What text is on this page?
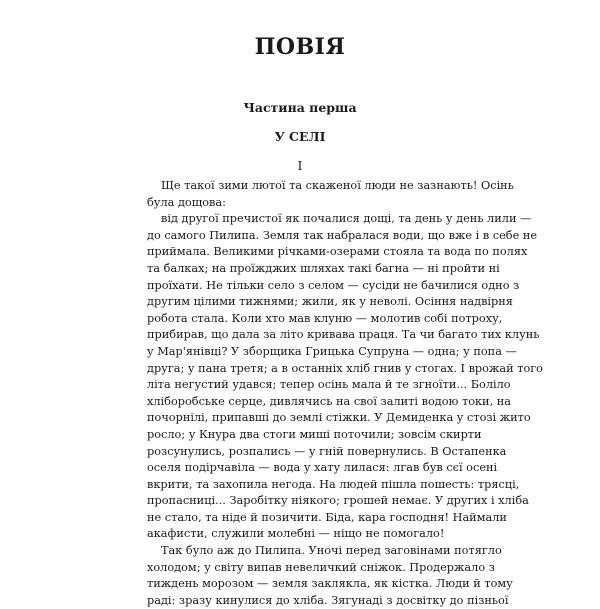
ПОВІЯ
Частина перша
У СЕЛІ
I
Ще такої зими лютої та скаженої люди не зазнають! Осінь
була дощова:
від другої пречистої як почалися дощі, та день у день лили —
до самого Пилипа. Земля так набралася води, що вже і в себе не
приймала. Великими річками-озерами стояла та вода по полях
та балках; на проїжджих шляхах такі багна — ні пройти ні
проїхати. Не тільки село з селом — сусіди не бачилися одно з
другим цілими тижнями; жили, як у неволі. Осіння надвірня
робота стала. Коли хто мав клуню — молотив собі потроху,
прибирав, що дала за літо кривава праця. Та чи багато тих клунь
у Мар'янівці? У зборщика Грицька Супруна — одна; у попа —
друга; у пана третя; а в останніх хліб гнив у стогах. І врожай того
літа негустий удався; тепер осінь мала й те згноїти... Боліло
хліборобське серце, дивлячись на свої залиті водою токи, на
почорнілі, припавші до землі стіжки. У Демиденка у стозі жито
росло; у Кнура два стоги миші поточили; зовсім скирти
розсунулись, розпались — у гній повернулись. В Остапенка
оселя подірчавіла — вода у хату лилася: лгав був сєї осені
вкрити, та захопила негода. На людей пішла пошесть: трясці,
пропасниці... Заробітку ніякого; грошей немає. У других і хліба
не стало, та ніде й позичити. Біда, кара господня! Наймали
акафисти, служили молебні — ніщо не помогало!
Так було аж до Пилипа. Уночі перед заговінами потягло
холодом; у світу випав невеличкий сніжок. Продержало з
тиждень морозом — земля заклякла, як кістка. Люди й тому
раді: зразу кинулися до хліба. Зягунаді з досвітку до пізньої
